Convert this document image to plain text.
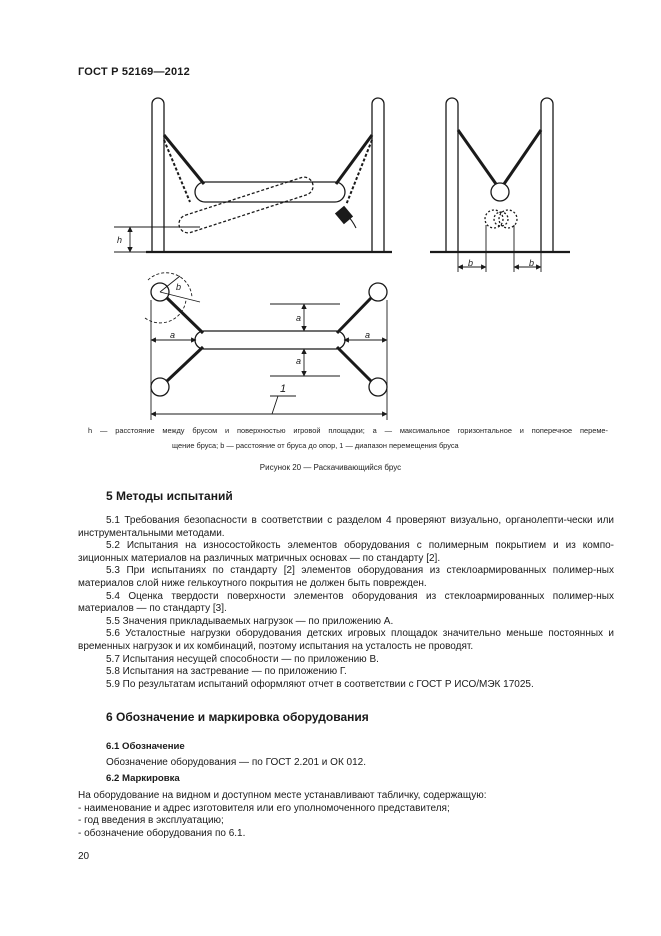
ГОСТ Р 52169—2012
h
b	b
b
a	a
a
a
1
h — расстояние между брусом и поверхностью игровой площадки; a — максимальное горизонтальное и поперечное переме-
щение бруса; b — расстояние от бруса до опор, 1 — диапазон перемещения бруса
Рисунок 20 — Раскачивающийся брус
5 Методы испытаний

5.1 Требования безопасности в соответствии с разделом 4 проверяют визуально, органолепти-чески или инструментальными методами.

5.2 Испытания на износостойкость элементов оборудования с полимерным покрытием и из компо-зиционных материалов на различных матричных основах — по стандарту [2].

5.3 При испытаниях по стандарту [2] элементов оборудования из стеклоармированных полимер-ных материалов слой ниже гелькоутного покрытия не должен быть поврежден.

5.4 Оценка твердости поверхности элементов оборудования из стеклоармированных полимер-ных материалов — по стандарту [3].

5.5 Значения прикладываемых нагрузок — по приложению А.

5.6 Усталостные нагрузки оборудования детских игровых площадок значительно меньше постоянных и временных нагрузок и их комбинаций, поэтому испытания на усталость не проводят.

5.7 Испытания несущей способности — по приложению В.

5.8 Испытания на застревание — по приложению Г.

5.9 По результатам испытаний оформляют отчет в соответствии с ГОСТ Р ИСО/МЭК 17025.

6 Обозначение и маркировка оборудования
6.1 Обозначение

Обозначение оборудования — по ГОСТ 2.201 и ОК 012.

6.2 Маркировка

На оборудование на видном и доступном месте устанавливают табличку, содержащую:

- наименование и адрес изготовителя или его уполномоченного представителя;

- год введения в эксплуатацию;

- обозначение оборудования по 6.1.

20
